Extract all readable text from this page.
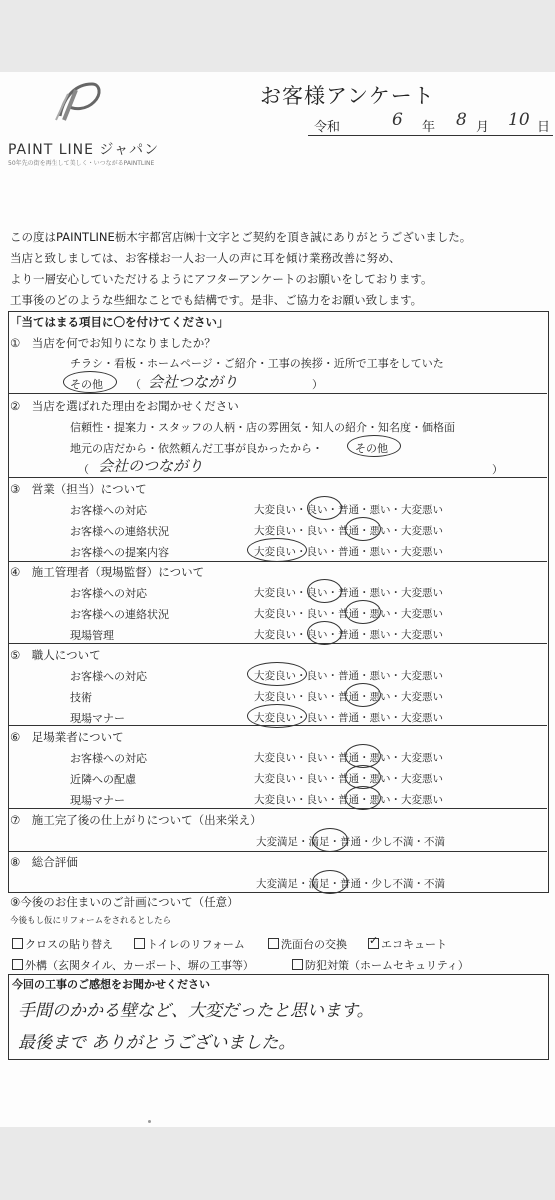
PAINT LINE ジャパン
50年先の街を再生して美しく・いつながるPAINTLINE
お客様アンケート
令和	6 年 8 月 10 日
この度はPAINTLINE栃木宇都宮店㈱十文字とご契約を頂き誠にありがとうございました。
当店と致しましては、お客様お一人お一人の声に耳を傾け業務改善に努め、
より一層安心していただけるようにアフターアンケートのお願いをしております。
工事後のどのような些細なことでも結構です。是非、ご協力をお願い致します。
「当てはまる項目に〇を付けてください」
①　当店を何でお知りになりましたか？
チラシ・看板・ホームページ・ご紹介・工事の挨拶・近所で工事をしていた
その他 （ 会社つながり	）
②　当店を選ばれた理由をお聞かせください
信頼性・提案力・スタッフの人柄・店の雰囲気・知人の紹介・知名度・価格面
地元の店だから・依然頼んだ工事が良かったから・	その他
（ 会社のつながり	）
③　営業（担当）について
お客様への対応	大変良い・良い・普通・悪い・大変悪い
お客様への連絡状況	大変良い・良い・普通・悪い・大変悪い
お客様への提案内容	大変良い・良い・普通・悪い・大変悪い
④　施工管理者（現場監督）について
お客様への対応	大変良い・良い・普通・悪い・大変悪い
お客様への連絡状況	大変良い・良い・普通・悪い・大変悪い
現場管理	大変良い・良い・普通・悪い・大変悪い
⑤　職人について
お客様への対応	大変良い・良い・普通・悪い・大変悪い
技術	大変良い・良い・普通・悪い・大変悪い
現場マナー	大変良い・良い・普通・悪い・大変悪い
⑥　足場業者について
お客様への対応	大変良い・良い・普通・悪い・大変悪い
近隣への配慮	大変良い・良い・普通・悪い・大変悪い
現場マナー	大変良い・良い・普通・悪い・大変悪い
⑦　施工完了後の仕上がりについて（出来栄え）
大変満足・満足・普通・少し不満・不満
⑧　総合評価
大変満足・満足・普通・少し不満・不満
⑨今後のお住まいのご計画について（任意）
今後もし仮にリフォームをされるとしたら
クロスの貼り替え	トイレのリフォーム	洗面台の交換 ✓ エコキュート
外構（玄関タイル、カーポート、塀の工事等）	防犯対策（ホームセキュリティ）
今回の工事のご感想をお聞かせください
手間のかかる壁など、大変だったと思います。
最後まで ありがとうございました。
